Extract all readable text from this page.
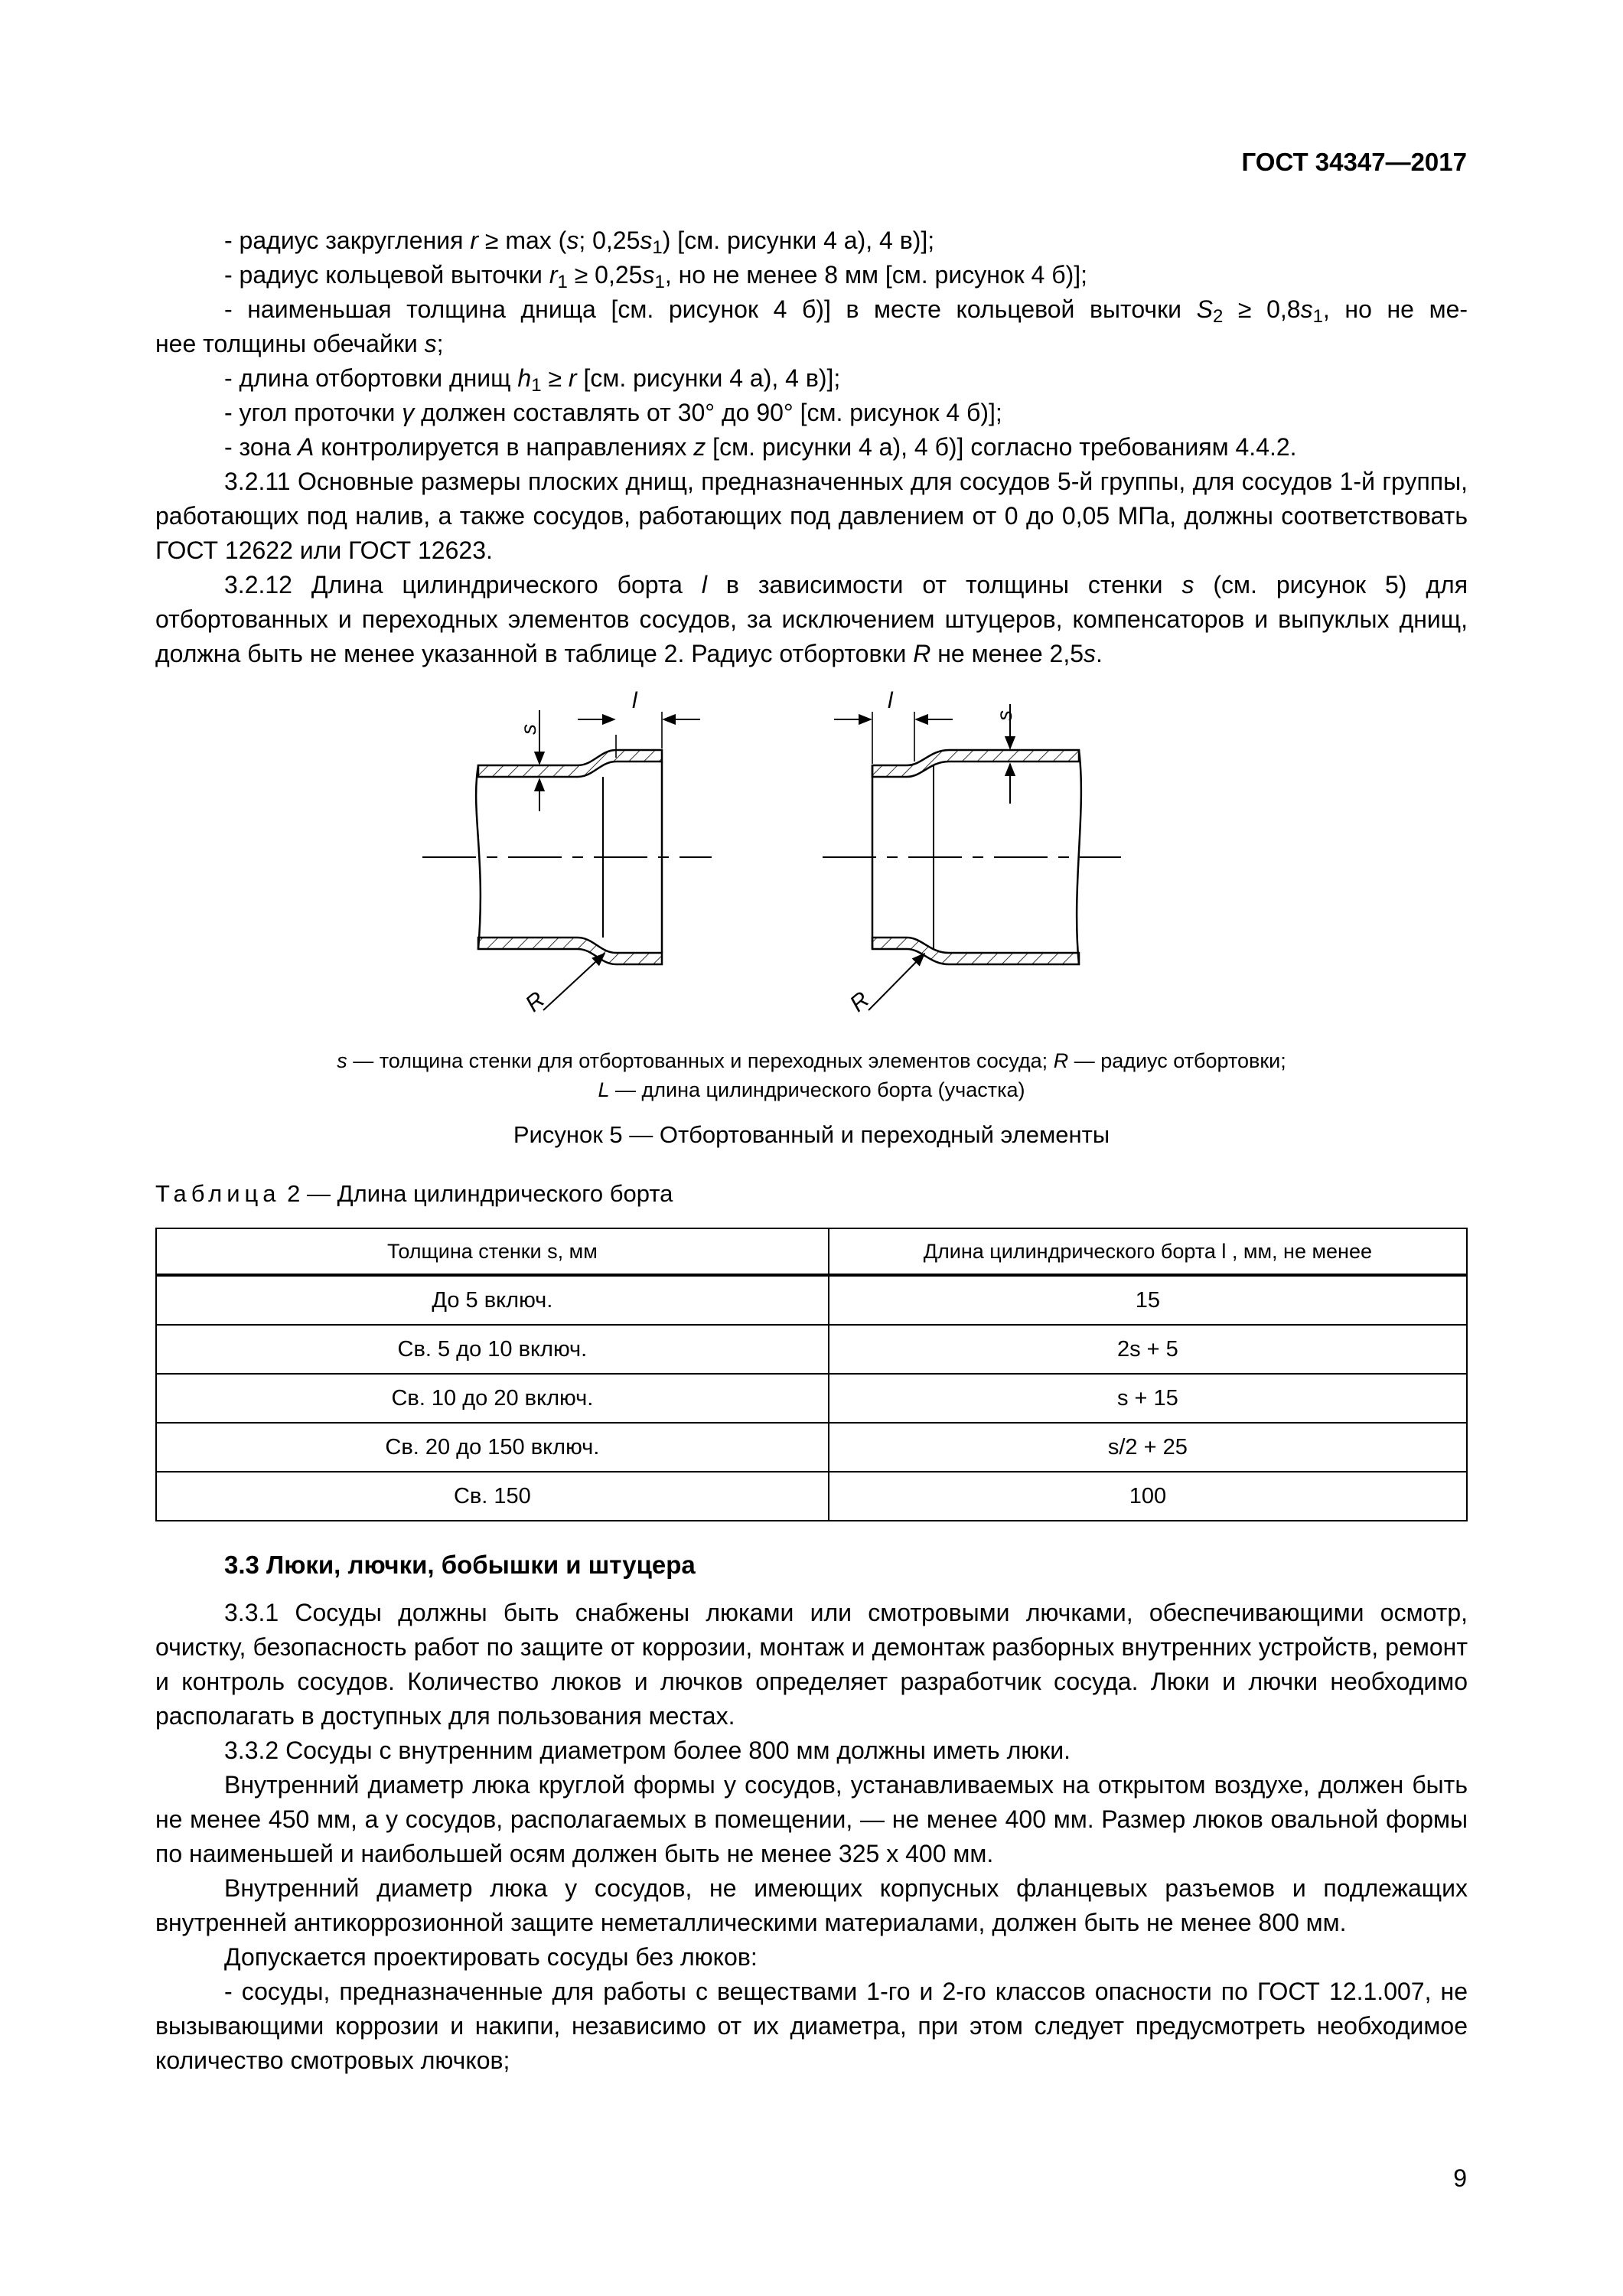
ГОСТ 34347—2017

- радиус закругления r ≥ max (s; $0,25s_1$) [см. рисунки 4 а), 4 в)];

- радиус кольцевой выточки $r_1 \ge 0,25s_1$, но не менее 8 мм [см. рисунок 4 б)];

- наименьшая толщина днища [см. рисунок 4 б)] в месте кольцевой выточки $S_2 \ge 0,8s_1$, но не ме-

нее толщины обечайки s;

- длина отбортовки днищ $h_1 \ge r$ [см. рисунки 4 а), 4 в)];

- угол проточки γ должен составлять от 30° до 90° [см. рисунок 4 б)];

- зона А контролируется в направлениях z [см. рисунки 4 а), 4 б)] согласно требованиям 4.4.2.

3.2.11 Основные размеры плоских днищ, предназначенных для сосудов 5-й группы, для сосудов 1-й группы, работающих под налив, а также сосудов, работающих под давлением от 0 до 0,05 МПа, должны соответствовать ГОСТ 12622 или ГОСТ 12623.

3.2.12 Длина цилиндрического борта l в зависимости от толщины стенки s (см. рисунок 5) для отбортованных и переходных элементов сосудов, за исключением штуцеров, компенсаторов и выпуклых днищ, должна быть не менее указанной в таблице 2. Радиус отбортовки R не менее 2,5s.

s
l
R
s
l
R
s — толщина стенки для отбортованных и переходных элементов сосуда; R — радиус отбортовки;
L — длина цилиндрического борта (участка)
Рисунок 5 — Отбортованный и переходный элементы
Таблица 2 — Длина цилиндрического борта
Толщина стенки s, мм	Длина цилиндрического борта l , мм, не менее
До 5 включ.	15
Св. 5 до 10 включ.	2s + 5
Св. 10 до 20 включ.	s + 15
Св. 20 до 150 включ.	s/2 + 25
Св. 150	100
3.3 Люки, лючки, бобышки и штуцера

3.3.1 Сосуды должны быть снабжены люками или смотровыми лючками, обеспечивающими осмотр, очистку, безопасность работ по защите от коррозии, монтаж и демонтаж разборных внутренних устройств, ремонт и контроль сосудов. Количество люков и лючков определяет разработчик сосуда. Люки и лючки необходимо располагать в доступных для пользования местах.

3.3.2 Сосуды с внутренним диаметром более 800 мм должны иметь люки.

Внутренний диаметр люка круглой формы у сосудов, устанавливаемых на открытом воздухе, должен быть не менее 450 мм, а у сосудов, располагаемых в помещении, — не менее 400 мм. Размер люков овальной формы по наименьшей и наибольшей осям должен быть не менее 325 х 400 мм.

Внутренний диаметр люка у сосудов, не имеющих корпусных фланцевых разъемов и подлежащих внутренней антикоррозионной защите неметаллическими материалами, должен быть не менее 800 мм.

Допускается проектировать сосуды без люков:

- сосуды, предназначенные для работы с веществами 1-го и 2-го классов опасности по ГОСТ 12.1.007, не вызывающими коррозии и накипи, независимо от их диаметра, при этом следует предусмотреть необходимое количество смотровых лючков;

9
